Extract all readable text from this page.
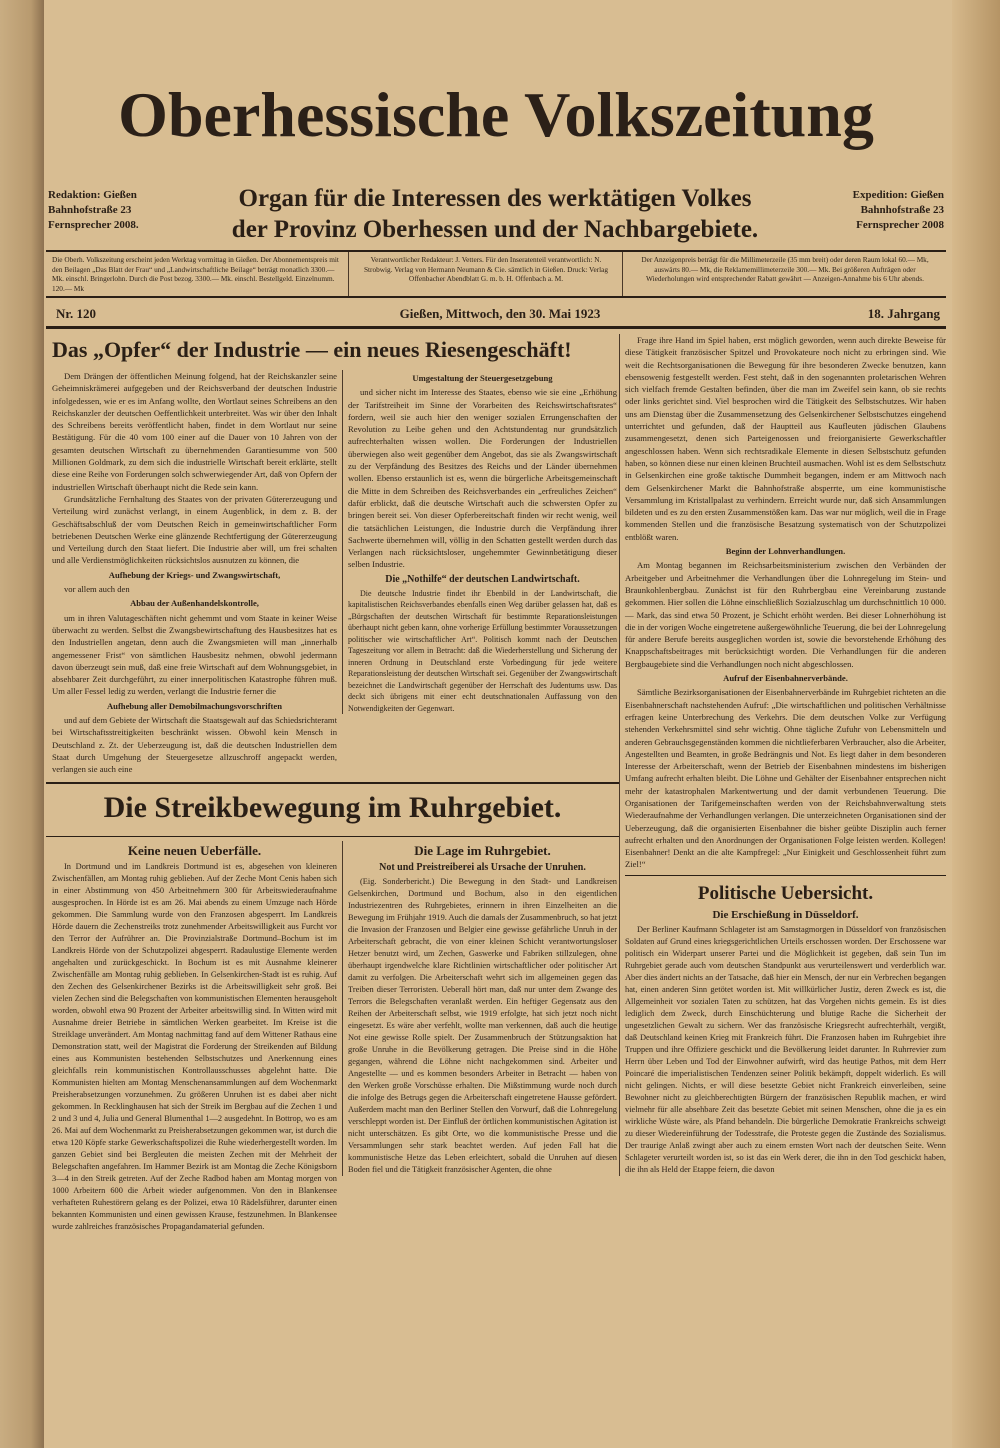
Oberhessische Volkszeitung
Redaktion: Gießen
Bahnhofstraße 23
Fernsprecher 2008.
Organ für die Interessen des werktätigen Volkes
der Provinz Oberhessen und der Nachbargebiete.
Expedition: Gießen
Bahnhofstraße 23
Fernsprecher 2008
Die Oberh. Volkszeitung erscheint jeden Werktag vormittag in Gießen. Der Abonnementspreis mit den Beilagen „Das Blatt der Frau“ und „Landwirtschaftliche Beilage“ beträgt monatlich 3300.— Mk. einschl. Bringerlohn. Durch die Post bezog. 3300.— Mk. einschl. Bestellgeld. Einzelnumm. 120.— Mk
Verantwortlicher Redakteur: J. Vetters. Für den Inseratenteil verantwortlich: N. Strobwig. Verlag von Hermann Neumann & Cie. sämtlich in Gießen. Druck: Verlag Offenbacher Abendblatt G. m. b. H. Offenbach a. M.
Der Anzeigenpreis beträgt für die Millimeterzeile (35 mm breit) oder deren Raum lokal 60.— Mk, auswärts 80.— Mk, die Reklamemillimeterzeile 300.— Mk. Bei größeren Aufträgen oder Wiederholungen wird entsprechender Rabatt gewährt — Anzeigen-Annahme bis 6 Uhr abends.
Nr. 120	Gießen, Mittwoch, den 30. Mai 1923	18. Jahrgang
Das „Opfer“ der Industrie — ein neues Riesengeschäft!

Dem Drängen der öffentlichen Meinung folgend, hat der Reichskanzler seine Geheimniskrämerei aufgegeben und der Reichsverband der deutschen Industrie infolgedessen, wie er es im Anfang wollte, den Wortlaut seines Schreibens an den Reichskanzler der deutschen Oeffentlichkeit unterbreitet. Was wir über den Inhalt des Schreibens bereits veröffentlicht haben, findet in dem Wortlaut nur seine Bestätigung. Für die 40 vom 100 einer auf die Dauer von 10 Jahren von der gesamten deutschen Wirtschaft zu übernehmenden Garantiesumme von 500 Millionen Goldmark, zu dem sich die industrielle Wirtschaft bereit erklärte, stellt diese eine Reihe von Forderungen solch schwerwiegender Art, daß von Opfern der industriellen Wirtschaft überhaupt nicht die Rede sein kann.

Grundsätzliche Fernhaltung des Staates von der privaten Gütererzeugung und Verteilung wird zunächst verlangt, in einem Augenblick, in dem z. B. der Geschäftsabschluß der vom Deutschen Reich in gemeinwirtschaftlicher Form betriebenen Deutschen Werke eine glänzende Rechtfertigung der Gütererzeugung und Verteilung durch den Staat liefert. Die Industrie aber will, um frei schalten und alle Verdienstmöglichkeiten rücksichtslos ausnutzen zu können, die

Aufhebung der Kriegs- und Zwangswirtschaft,

vor allem auch den

Abbau der Außenhandelskontrolle,

um in ihren Valutageschäften nicht gehemmt und vom Staate in keiner Weise überwacht zu werden. Selbst die Zwangsbewirtschaftung des Hausbesitzes hat es den Industriellen angetan, denn auch die Zwangsmieten will man „innerhalb angemessener Frist“ von sämtlichen Hausbesitz nehmen, obwohl jedermann davon überzeugt sein muß, daß eine freie Wirtschaft auf dem Wohnungsgebiet, in absehbarer Zeit durchgeführt, zu einer innerpolitischen Katastrophe führen muß. Um aller Fessel ledig zu werden, verlangt die Industrie ferner die

Aufhebung aller Demobilmachungsvorschriften

und auf dem Gebiete der Wirtschaft die Staatsgewalt auf das Schiedsrichteramt bei Wirtschaftsstreitigkeiten beschränkt wissen. Obwohl kein Mensch in Deutschland z. Zt. der Ueberzeugung ist, daß die deutschen Industriellen dem Staat durch Umgehung der Steuergesetze allzuschroff angepackt werden, verlangen sie auch eine

Umgestaltung der Steuergesetzgebung

und sicher nicht im Interesse des Staates, ebenso wie sie eine „Erhöhung der Tarifstreiheit im Sinne der Vorarbeiten des Reichswirtschaftsrates“ fordern, weil sie auch hier den weniger sozialen Errungenschaften der Revolution zu Leibe gehen und den Achtstundentag nur grundsätzlich aufrechterhalten wissen wollen. Die Forderungen der Industriellen überwiegen also weit gegenüber dem Angebot, das sie als Zwangswirtschaft zu der Verpfändung des Besitzes des Reichs und der Länder übernehmen wollen. Ebenso erstaunlich ist es, wenn die bürgerliche Arbeitsgemeinschaft die Mitte in dem Schreiben des Reichsverbandes ein „erfreuliches Zeichen“ dafür erblickt, daß die deutsche Wirtschaft auch die schwersten Opfer zu bringen bereit sei. Von dieser Opferbereitschaft finden wir recht wenig, weil die tatsächlichen Leistungen, die Industrie durch die Verpfändung ihrer Sachwerte übernehmen will, völlig in den Schatten gestellt werden durch das Verlangen nach rücksichtsloser, ungehemmter Gewinnbetätigung dieser selben Industrie.

Die „Nothilfe“ der deutschen Landwirtschaft.

Die deutsche Industrie findet ihr Ebenbild in der Landwirtschaft, die kapitalistischen Reichsverbandes ebenfalls einen Weg darüber gelassen hat, daß es „Bürgschaften der deutschen Wirtschaft für bestimmte Reparationsleistungen überhaupt nicht geben kann, ohne vorherige Erfüllung bestimmter Voraussetzungen politischer wie wirtschaftlicher Art“. Politisch kommt nach der Deutschen Tageszeitung vor allem in Betracht: daß die Wiederherstellung und Sicherung der inneren Ordnung in Deutschland erste Vorbedingung für jede weitere Reparationsleistung der deutschen Wirtschaft sei. Gegenüber der Zwangswirtschaft bezeichnet die Landwirtschaft gegenüber der Herrschaft des Judentums usw. Das deckt sich übrigens mit einer echt deutschnationalen Auffassung von den Notwendigkeiten der Gegenwart.

Die Streikbewegung im Ruhrgebiet.
Keine neuen Ueberfälle.

In Dortmund und im Landkreis Dortmund ist es, abgesehen von kleineren Zwischenfällen, am Montag ruhig geblieben. Auf der Zeche Mont Cenis haben sich in einer Abstimmung von 450 Arbeitnehmern 300 für Arbeitswiederaufnahme ausgesprochen. In Hörde ist es am 26. Mai abends zu einem Umzuge nach Hörde gekommen. Die Sammlung wurde von den Franzosen abgesperrt. Im Landkreis Hörde dauern die Zechenstreiks trotz zunehmender Arbeitswilligkeit aus Furcht vor den Terror der Aufrührer an. Die Provinzialstraße Dortmund–Bochum ist im Landkreis Hörde von der Schutzpolizei abgesperrt. Radaulustige Elemente werden angehalten und zurückgeschickt. In Bochum ist es mit Ausnahme kleinerer Zwischenfälle am Montag ruhig geblieben. In Gelsenkirchen-Stadt ist es ruhig. Auf den Zechen des Gelsenkirchener Bezirks ist die Arbeitswilligkeit sehr groß. Bei vielen Zechen sind die Belegschaften von kommunistischen Elementen herausgeholt worden, obwohl etwa 90 Prozent der Arbeiter arbeitswillig sind. In Witten wird mit Ausnahme dreier Betriebe in sämtlichen Werken gearbeitet. Im Kreise ist die Streiklage unverändert. Am Montag nachmittag fand auf dem Wittener Rathaus eine Demonstration statt, weil der Magistrat die Forderung der Streikenden auf Bildung eines aus Kommunisten bestehenden Selbstschutzes und Anerkennung eines gleichfalls rein kommunistischen Kontrollausschusses abgelehnt hatte. Die Kommunisten hielten am Montag Menschenansammlungen auf dem Wochenmarkt Preisherabsetzungen vorzunehmen. Zu größeren Unruhen ist es dabei aber nicht gekommen. In Recklinghausen hat sich der Streik im Bergbau auf die Zechen 1 und 2 und 3 und 4, Julia und General Blumenthal 1—2 ausgedehnt. In Bottrop, wo es am 26. Mai auf dem Wochenmarkt zu Preisherabsetzungen gekommen war, ist durch die etwa 120 Köpfe starke Gewerkschaftspolizei die Ruhe wiederhergestellt worden. Im ganzen Gebiet sind bei Bergleuten die meisten Zechen mit der Mehrheit der Belegschaften angefahren. Im Hammer Bezirk ist am Montag die Zeche Königsborn 3—4 in den Streik getreten. Auf der Zeche Radbod haben am Montag morgen von 1000 Arbeitern 600 die Arbeit wieder aufgenommen. Von den in Blankensee verhafteten Ruhestörern gelang es der Polizei, etwa 10 Rädelsführer, darunter einen bekannten Kommunisten und einen gewissen Krause, festzunehmen. In Blankensee wurde zahlreiches französisches Propagandamaterial gefunden.

Die Lage im Ruhrgebiet.
Not und Preistreiberei als Ursache der Unruhen.

(Eig. Sonderbericht.) Die Bewegung in den Stadt- und Landkreisen Gelsenkirchen, Dortmund und Bochum, also in den eigentlichen Industriezentren des Ruhrgebietes, erinnern in ihren Einzelheiten an die Bewegung im Frühjahr 1919. Auch die damals der Zusammenbruch, so hat jetzt die Invasion der Franzosen und Belgier eine gewisse gefährliche Unruh in der Arbeiterschaft gebracht, die von einer kleinen Schicht verantwortungsloser Hetzer benutzt wird, um Zechen, Gaswerke und Fabriken stillzulegen, ohne überhaupt irgendwelche klare Richtlinien wirtschaftlicher oder politischer Art damit zu verfolgen. Die Arbeiterschaft wehrt sich im allgemeinen gegen das Treiben dieser Terroristen. Ueberall hört man, daß nur unter dem Zwange des Terrors die Belegschaften veranlaßt werden. Ein heftiger Gegensatz aus den Reihen der Arbeiterschaft selbst, wie 1919 erfolgte, hat sich jetzt noch nicht eingesetzt. Es wäre aber verfehlt, wollte man verkennen, daß auch die heutige Not eine gewisse Rolle spielt. Der Zusammenbruch der Stützungsaktion hat große Unruhe in die Bevölkerung getragen. Die Preise sind in die Höhe gegangen, während die Löhne nicht nachgekommen sind. Arbeiter und Angestellte — und es kommen besonders Arbeiter in Betracht — haben von den Werken große Vorschüsse erhalten. Die Mißstimmung wurde noch durch die infolge des Betrugs gegen die Arbeiterschaft eingetretene Hausse gefördert. Außerdem macht man den Berliner Stellen den Vorwurf, daß die Lohnregelung verschleppt worden ist. Der Einfluß der örtlichen kommunistischen Agitation ist nicht unterschätzen. Es gibt Orte, wo die kommunistische Presse und die Versammlungen sehr stark beachtet werden. Auf jeden Fall hat die kommunistische Hetze das Leben erleichtert, sobald die Unruhen auf diesen Boden fiel und die Tätigkeit französischer Agenten, die ohne

Frage ihre Hand im Spiel haben, erst möglich geworden, wenn auch direkte Beweise für diese Tätigkeit französischer Spitzel und Provokateure noch nicht zu erbringen sind. Wie weit die Rechtsorganisationen die Bewegung für ihre besonderen Zwecke benutzen, kann ebensowenig festgestellt werden. Fest steht, daß in den sogenannten proletarischen Wehren sich vielfach fremde Gestalten befinden, über die man im Zweifel sein kann, ob sie rechts oder links gerichtet sind. Viel besprochen wird die Tätigkeit des Selbstschutzes. Wir haben uns am Dienstag über die Zusammensetzung des Gelsenkirchener Selbstschutzes eingehend unterrichtet und gefunden, daß der Hauptteil aus Kaufleuten jüdischen Glaubens zusammengesetzt, denen sich Parteigenossen und freiorganisierte Gewerkschaftler angeschlossen haben. Wenn sich rechtsradikale Elemente in diesen Selbstschutz gefunden haben, so können diese nur einen kleinen Bruchteil ausmachen. Wohl ist es dem Selbstschutz in Gelsenkirchen eine große taktische Dummheit begangen, indem er am Mittwoch nach dem Gelsenkirchener Markt die Bahnhofstraße absperrte, um eine kommunistische Versammlung im Kristallpalast zu verhindern. Erreicht wurde nur, daß sich Ansammlungen bildeten und es zu den ersten Zusammenstößen kam. Das war nur möglich, weil die in Frage kommenden Stellen und die französische Besatzung systematisch von der Schutzpolizei entblößt waren.

Beginn der Lohnverhandlungen.

Am Montag begannen im Reichsarbeitsministerium zwischen den Verbänden der Arbeitgeber und Arbeitnehmer die Verhandlungen über die Lohnregelung im Stein- und Braunkohlenbergbau. Zunächst ist für den Ruhrbergbau eine Vereinbarung zustande gekommen. Hier sollen die Löhne einschließlich Sozialzuschlag um durchschnittlich 10 000.— Mark, das sind etwa 50 Prozent, je Schicht erhöht werden. Bei dieser Lohnerhöhung ist die in der vorigen Woche eingetretene außergewöhnliche Teuerung, die bei der Lohnregelung für andere Berufe bereits ausgeglichen worden ist, sowie die bevorstehende Erhöhung des Knappschaftsbeitrages mit berücksichtigt worden. Die Verhandlungen für die anderen Bergbaugebiete sind die Verhandlungen noch nicht abgeschlossen.

Aufruf der Eisenbahnerverbände.

Sämtliche Bezirksorganisationen der Eisenbahnerverbände im Ruhrgebiet richteten an die Eisenbahnerschaft nachstehenden Aufruf: „Die wirtschaftlichen und politischen Verhältnisse erfragen keine Unterbrechung des Verkehrs. Die dem deutschen Volke zur Verfügung stehenden Verkehrsmittel sind sehr wichtig. Ohne tägliche Zufuhr von Lebensmitteln und anderen Gebrauchsgegenständen kommen die nichtlieferbaren Verbraucher, also die Arbeiter, Angestellten und Beamten, in große Bedrängnis und Not. Es liegt daher in dem besonderen Interesse der Arbeiterschaft, wenn der Betrieb der Eisenbahnen mindestens im bisherigen Umfang aufrecht erhalten bleibt. Die Löhne und Gehälter der Eisenbahner entsprechen nicht mehr der katastrophalen Markentwertung und der damit verbundenen Teuerung. Die Organisationen der Tarifgemeinschaften werden von der Reichsbahnverwaltung stets Wiederaufnahme der Verhandlungen verlangen. Die unterzeichneten Organisationen sind der Ueberzeugung, daß die organisierten Eisenbahner die bisher geübte Disziplin auch ferner aufrecht erhalten und den Anordnungen der Organisationen Folge leisten werden. Kollegen! Eisenbahner! Denkt an die alte Kampfregel: „Nur Einigkeit und Geschlossenheit führt zum Ziel!“

Politische Uebersicht.
Die Erschießung in Düsseldorf.

Der Berliner Kaufmann Schlageter ist am Samstagmorgen in Düsseldorf von französischen Soldaten auf Grund eines kriegsgerichtlichen Urteils erschossen worden. Der Erschossene war politisch ein Widerpart unserer Partei und die Möglichkeit ist gegeben, daß sein Tun im Ruhrgebiet gerade auch vom deutschen Standpunkt aus verurteilenswert und verderblich war. Aber dies ändert nichts an der Tatsache, daß hier ein Mensch, der nur ein Verbrechen begangen hat, einen anderen Sinn getötet worden ist. Mit willkürlicher Justiz, deren Zweck es ist, die Allgemeinheit vor sozialen Taten zu schützen, hat das Vorgehen nichts gemein. Es ist dies lediglich dem Zweck, durch Einschüchterung und blutige Rache die Sicherheit der ungesetzlichen Gewalt zu sichern. Wer das französische Kriegsrecht aufrechterhält, vergißt, daß Deutschland keinen Krieg mit Frankreich führt. Die Franzosen haben im Ruhrgebiet ihre Truppen und ihre Offiziere geschickt und die Bevölkerung leidet darunter. In Ruhrrevier zum Herrn über Leben und Tod der Einwohner aufwirft, wird das heutige Pathos, mit dem Herr Poincaré die imperialistischen Tendenzen seiner Politik bekämpft, doppelt widerlich. Es will nicht gelingen. Nichts, er will diese besetzte Gebiet nicht Frankreich einverleiben, seine Bewohner nicht zu gleichberechtigten Bürgern der französischen Republik machen, er wird vielmehr für alle absehbare Zeit das besetzte Gebiet mit seinen Menschen, ohne die ja es ein wirkliche Wüste wäre, als Pfand behandeln. Die bürgerliche Demokratie Frankreichs schweigt zu dieser Wiedereinführung der Todesstrafe, die Proteste gegen die Zustände des Sozialismus. Der traurige Anlaß zwingt aber auch zu einem ernsten Wort nach der deutschen Seite. Wenn Schlageter verurteilt worden ist, so ist das ein Werk derer, die ihn in den Tod geschickt haben, die ihn als Held der Etappe feiern, die davon
